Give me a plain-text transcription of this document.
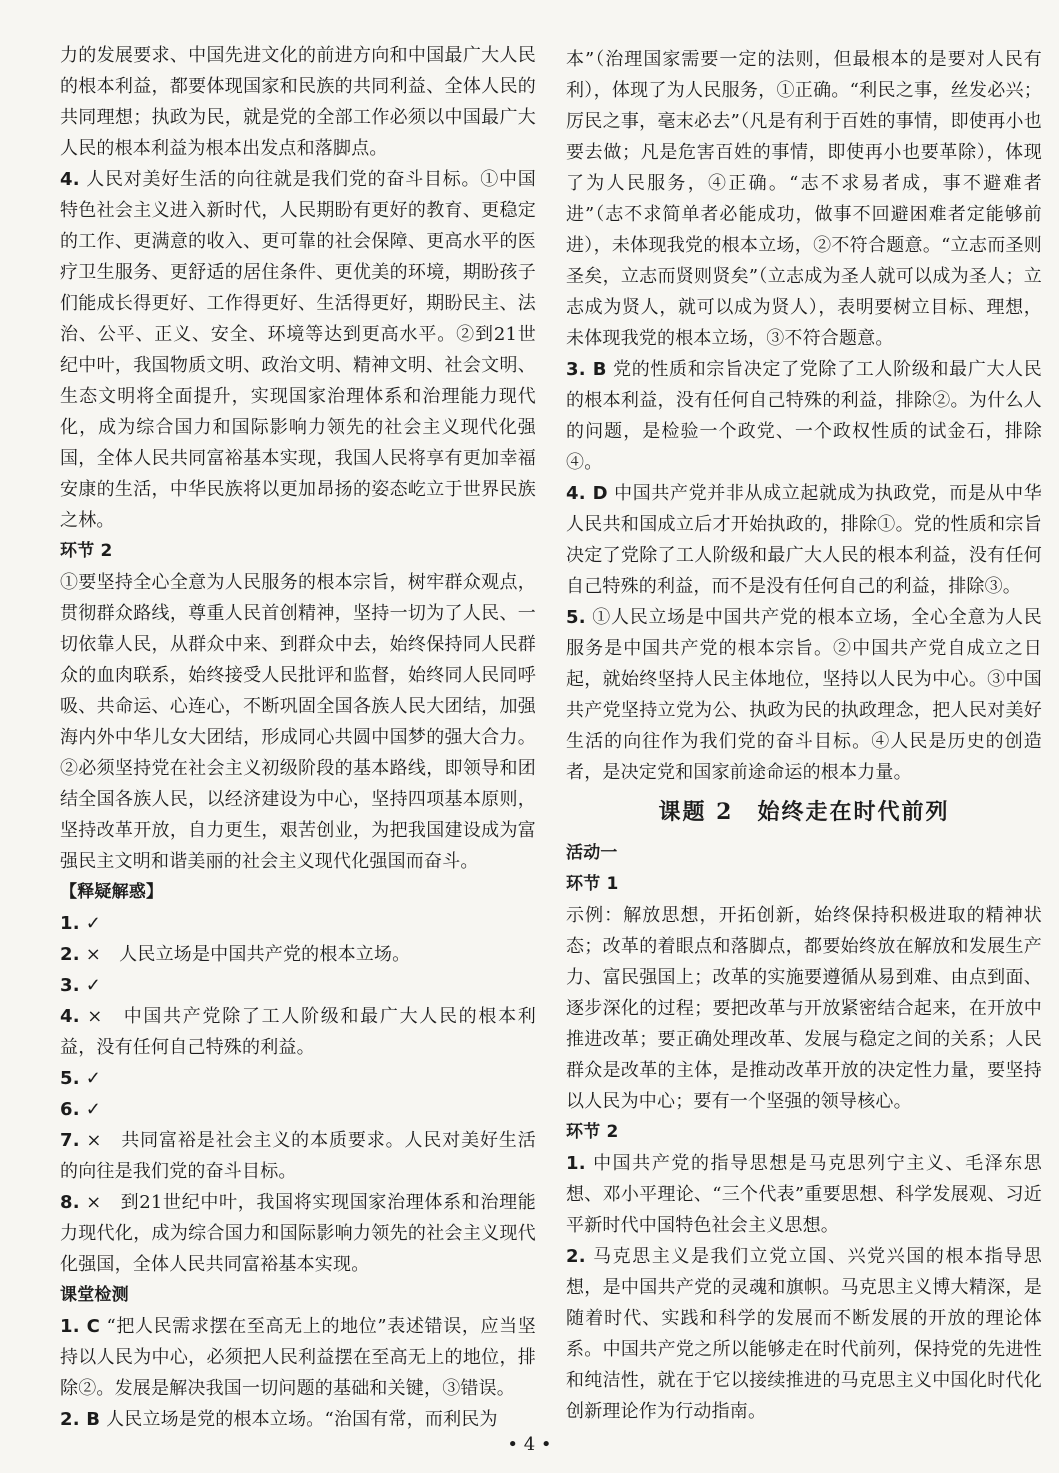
力的发展要求、中国先进文化的前进方向和中国最广大人民的根本利益，都要体现国家和民族的共同利益、全体人民的共同理想；执政为民，就是党的全部工作必须以中国最广大人民的根本利益为根本出发点和落脚点。

4. 人民对美好生活的向往就是我们党的奋斗目标。①中国特色社会主义进入新时代，人民期盼有更好的教育、更稳定的工作、更满意的收入、更可靠的社会保障、更高水平的医疗卫生服务、更舒适的居住条件、更优美的环境，期盼孩子们能成长得更好、工作得更好、生活得更好，期盼民主、法治、公平、正义、安全、环境等达到更高水平。②到21世纪中叶，我国物质文明、政治文明、精神文明、社会文明、生态文明将全面提升，实现国家治理体系和治理能力现代化，成为综合国力和国际影响力领先的社会主义现代化强国，全体人民共同富裕基本实现，我国人民将享有更加幸福安康的生活，中华民族将以更加昂扬的姿态屹立于世界民族之林。

环节 2

①要坚持全心全意为人民服务的根本宗旨，树牢群众观点，贯彻群众路线，尊重人民首创精神，坚持一切为了人民、一切依靠人民，从群众中来、到群众中去，始终保持同人民群众的血肉联系，始终接受人民批评和监督，始终同人民同呼吸、共命运、心连心，不断巩固全国各族人民大团结，加强海内外中华儿女大团结，形成同心共圆中国梦的强大合力。②必须坚持党在社会主义初级阶段的基本路线，即领导和团结全国各族人民，以经济建设为中心，坚持四项基本原则，坚持改革开放，自力更生，艰苦创业，为把我国建设成为富强民主文明和谐美丽的社会主义现代化强国而奋斗。

【释疑解惑】

1. ✓

2. ×　人民立场是中国共产党的根本立场。

3. ✓

4. ×　中国共产党除了工人阶级和最广大人民的根本利益，没有任何自己特殊的利益。

5. ✓

6. ✓

7. ×　共同富裕是社会主义的本质要求。人民对美好生活的向往是我们党的奋斗目标。

8. ×　到21世纪中叶，我国将实现国家治理体系和治理能力现代化，成为综合国力和国际影响力领先的社会主义现代化强国，全体人民共同富裕基本实现。

课堂检测

1. C “把人民需求摆在至高无上的地位”表述错误，应当坚持以人民为中心，必须把人民利益摆在至高无上的地位，排除②。发展是解决我国一切问题的基础和关键，③错误。

2. B 人民立场是党的根本立场。“治国有常，而利民为

本”（治理国家需要一定的法则，但最根本的是要对人民有利），体现了为人民服务，①正确。“利民之事，丝发必兴；厉民之事，毫末必去”（凡是有利于百姓的事情，即使再小也要去做；凡是危害百姓的事情，即使再小也要革除），体现了为人民服务，④正确。“志不求易者成，事不避难者进”（志不求简单者必能成功，做事不回避困难者定能够前进），未体现我党的根本立场，②不符合题意。“立志而圣则圣矣，立志而贤则贤矣”（立志成为圣人就可以成为圣人；立志成为贤人，就可以成为贤人），表明要树立目标、理想，未体现我党的根本立场，③不符合题意。

3. B 党的性质和宗旨决定了党除了工人阶级和最广大人民的根本利益，没有任何自己特殊的利益，排除②。为什么人的问题，是检验一个政党、一个政权性质的试金石，排除④。

4. D 中国共产党并非从成立起就成为执政党，而是从中华人民共和国成立后才开始执政的，排除①。党的性质和宗旨决定了党除了工人阶级和最广大人民的根本利益，没有任何自己特殊的利益，而不是没有任何自己的利益，排除③。

5. ①人民立场是中国共产党的根本立场，全心全意为人民服务是中国共产党的根本宗旨。②中国共产党自成立之日起，就始终坚持人民主体地位，坚持以人民为中心。③中国共产党坚持立党为公、执政为民的执政理念，把人民对美好生活的向往作为我们党的奋斗目标。④人民是历史的创造者，是决定党和国家前途命运的根本力量。

课题 2　始终走在时代前列

活动一

环节 1

示例：解放思想，开拓创新，始终保持积极进取的精神状态；改革的着眼点和落脚点，都要始终放在解放和发展生产力、富民强国上；改革的实施要遵循从易到难、由点到面、逐步深化的过程；要把改革与开放紧密结合起来，在开放中推进改革；要正确处理改革、发展与稳定之间的关系；人民群众是改革的主体，是推动改革开放的决定性力量，要坚持以人民为中心；要有一个坚强的领导核心。

环节 2

1. 中国共产党的指导思想是马克思列宁主义、毛泽东思想、邓小平理论、“三个代表”重要思想、科学发展观、习近平新时代中国特色社会主义思想。

2. 马克思主义是我们立党立国、兴党兴国的根本指导思想，是中国共产党的灵魂和旗帜。马克思主义博大精深，是随着时代、实践和科学的发展而不断发展的开放的理论体系。中国共产党之所以能够走在时代前列，保持党的先进性和纯洁性，就在于它以接续推进的马克思主义中国化时代化创新理论作为行动指南。

• 4 •
